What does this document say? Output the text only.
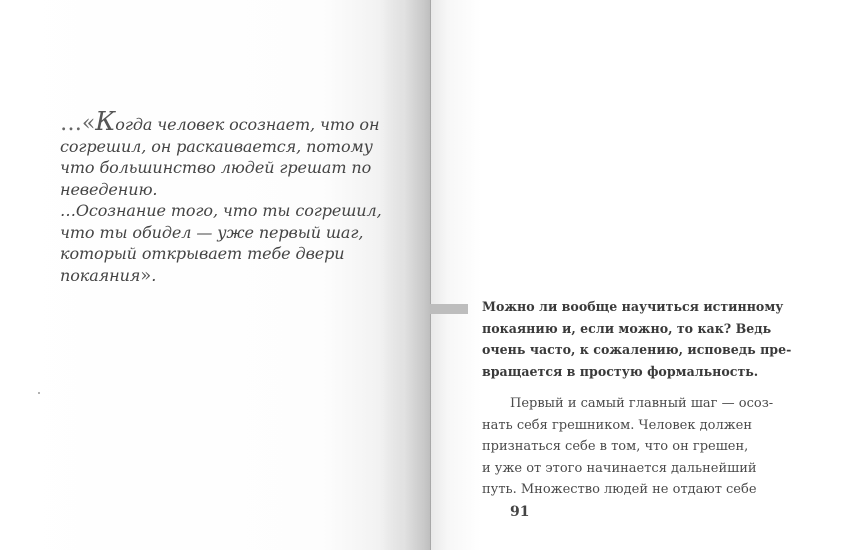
…«Когда человек осознает, что он
согрешил, он раскаивается, потому
что большинство людей грешат по
неведению.
…Осознание того, что ты согрешил,
что ты обидел — уже первый шаг,
который открывает тебе двери
покаяния».
Можно ли вообще научиться истинному
покаянию и, если можно, то как? Ведь
очень часто, к сожалению, исповедь пре-
вращается в простую формальность.
Первый и самый главный шаг — осоз-
нать себя грешником. Человек должен
признаться себе в том, что он грешен,
и уже от этого начинается дальнейший
путь. Множество людей не отдают себе
91
